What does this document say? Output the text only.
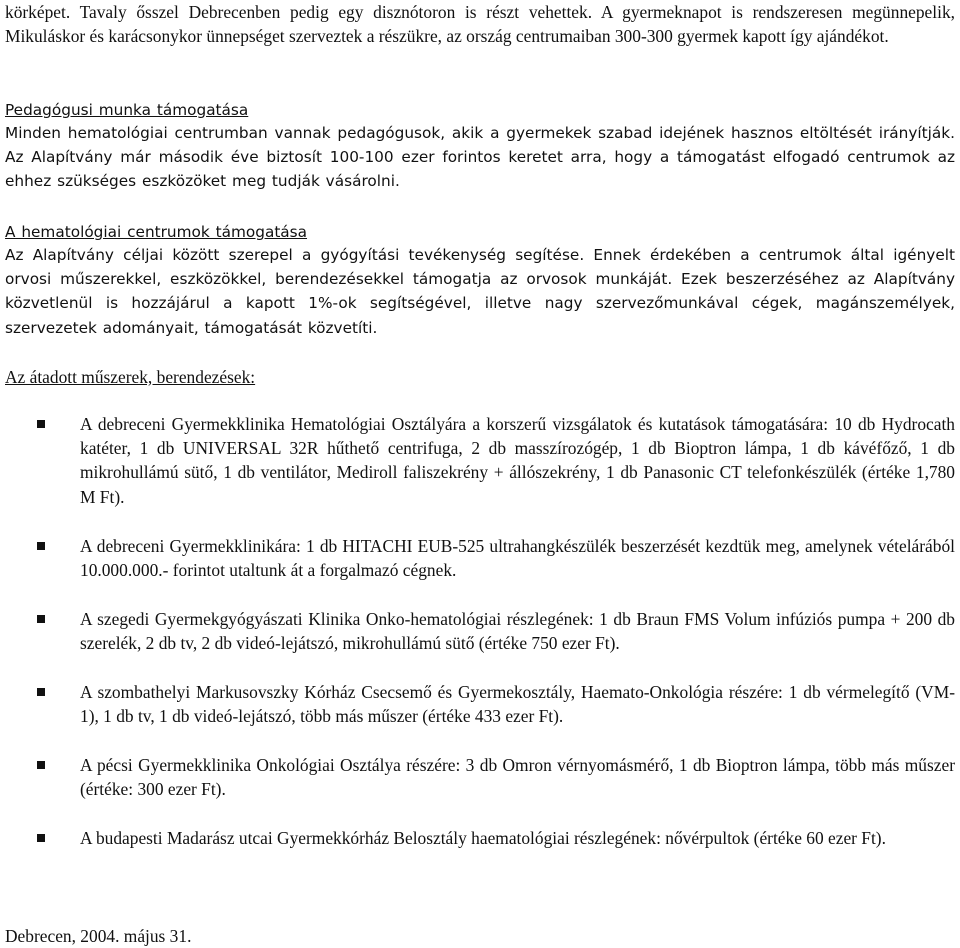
körképet. Tavaly ősszel Debrecenben pedig egy disznótoron is részt vehettek. A gyermeknapot is rendszeresen megünnepelik, Mikuláskor és karácsonykor ünnepséget szerveztek a részükre, az ország centrumaiban 300-300 gyermek kapott így ajándékot.

Pedagógusi munka támogatása

Minden hematológiai centrumban vannak pedagógusok, akik a gyermekek szabad idejének hasznos eltöltését irányítják. Az Alapítvány már második éve biztosít 100-100 ezer forintos keretet arra, hogy a támogatást elfogadó centrumok az ehhez szükséges eszközöket meg tudják vásárolni.

A hematológiai centrumok támogatása

Az Alapítvány céljai között szerepel a gyógyítási tevékenység segítése. Ennek érdekében a centrumok által igényelt orvosi műszerekkel, eszközökkel, berendezésekkel támogatja az orvosok munkáját. Ezek beszerzéséhez az Alapítvány közvetlenül is hozzájárul a kapott 1%-ok segítségével, illetve nagy szervezőmunkával cégek, magánszemélyek, szervezetek adományait, támogatását közvetíti.

Az átadott műszerek, berendezések:

A debreceni Gyermekklinika Hematológiai Osztályára a korszerű vizsgálatok és kutatások támogatására: 10 db Hydrocath katéter, 1 db UNIVERSAL 32R hűthető centrifuga, 2 db masszírozógép, 1 db Bioptron lámpa, 1 db kávéfőző, 1 db mikrohullámú sütő, 1 db ventilátor, Mediroll faliszekrény + állószekrény, 1 db Panasonic CT telefonkészülék (értéke 1,780 M Ft).

A debreceni Gyermekklinikára: 1 db HITACHI EUB-525 ultrahangkészülék beszerzését kezdtük meg, amelynek vételárából 10.000.000.- forintot utaltunk át a forgalmazó cégnek.

A szegedi Gyermekgyógyászati Klinika Onko-hematológiai részlegének: 1 db Braun FMS Volum infúziós pumpa + 200 db szerelék, 2 db tv, 2 db videó-lejátszó, mikrohullámú sütő (értéke 750 ezer Ft).

A szombathelyi Markusovszky Kórház Csecsemő és Gyermekosztály, Haemato-Onkológia részére: 1 db vérmelegítő (VM-1), 1 db tv, 1 db videó-lejátszó, több más műszer (értéke 433 ezer Ft).

A pécsi Gyermekklinika Onkológiai Osztálya részére: 3 db Omron vérnyomásmérő, 1 db Bioptron lámpa, több más műszer (értéke: 300 ezer Ft).

A budapesti Madarász utcai Gyermekkórház Belosztály haematológiai részlegének: nővérpultok (értéke 60 ezer Ft).

Debrecen, 2004. május 31.
